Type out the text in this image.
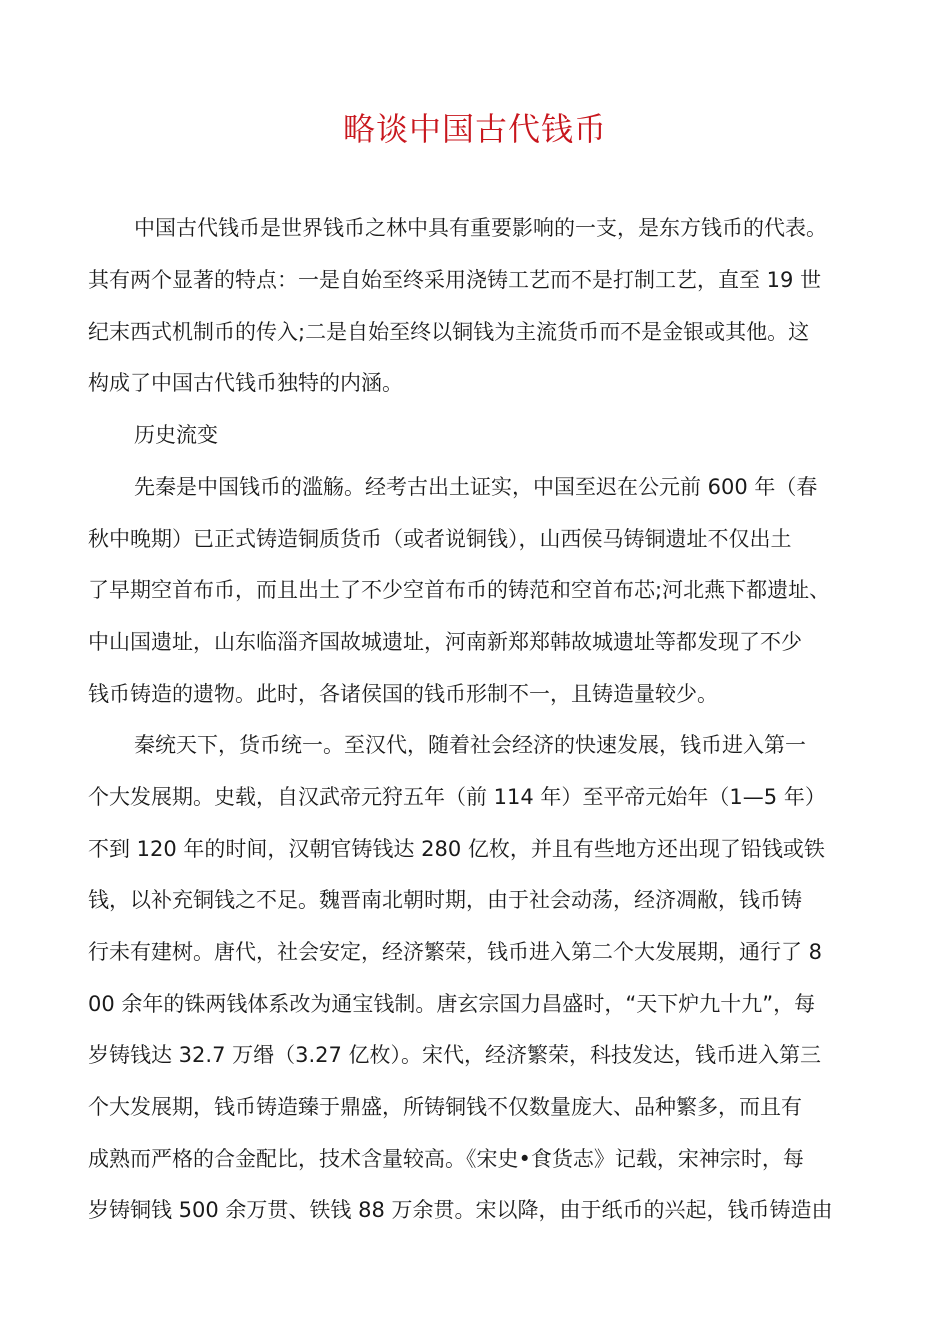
略谈中国古代钱币
中国古代钱币是世界钱币之林中具有重要影响的一支，是东方钱币的代表。
其有两个显著的特点：一是自始至终采用浇铸工艺而不是打制工艺，直至 19 世
纪末西式机制币的传入;二是自始至终以铜钱为主流货币而不是金银或其他。这
构成了中国古代钱币独特的内涵。
历史流变
先秦是中国钱币的滥觞。经考古出土证实，中国至迟在公元前 600 年（春
秋中晚期）已正式铸造铜质货币（或者说铜钱），山西侯马铸铜遗址不仅出土
了早期空首布币，而且出土了不少空首布币的铸范和空首布芯;河北燕下都遗址、
中山国遗址，山东临淄齐国故城遗址，河南新郑郑韩故城遗址等都发现了不少
钱币铸造的遗物。此时，各诸侯国的钱币形制不一，且铸造量较少。
秦统天下，货币统一。至汉代，随着社会经济的快速发展，钱币进入第一
个大发展期。史载，自汉武帝元狩五年（前 114 年）至平帝元始年（1—5 年）
不到 120 年的时间，汉朝官铸钱达 280 亿枚，并且有些地方还出现了铅钱或铁
钱，以补充铜钱之不足。魏晋南北朝时期，由于社会动荡，经济凋敝，钱币铸
行未有建树。唐代，社会安定，经济繁荣，钱币进入第二个大发展期，通行了 8
00 余年的铢两钱体系改为通宝钱制。唐玄宗国力昌盛时，“天下炉九十九”，每
岁铸钱达 32.7 万缗（3.27 亿枚）。宋代，经济繁荣，科技发达，钱币进入第三
个大发展期，钱币铸造臻于鼎盛，所铸铜钱不仅数量庞大、品种繁多，而且有
成熟而严格的合金配比，技术含量较高。《宋史•食货志》记载，宋神宗时，每
岁铸铜钱 500 余万贯、铁钱 88 万余贯。宋以降，由于纸币的兴起，钱币铸造由
